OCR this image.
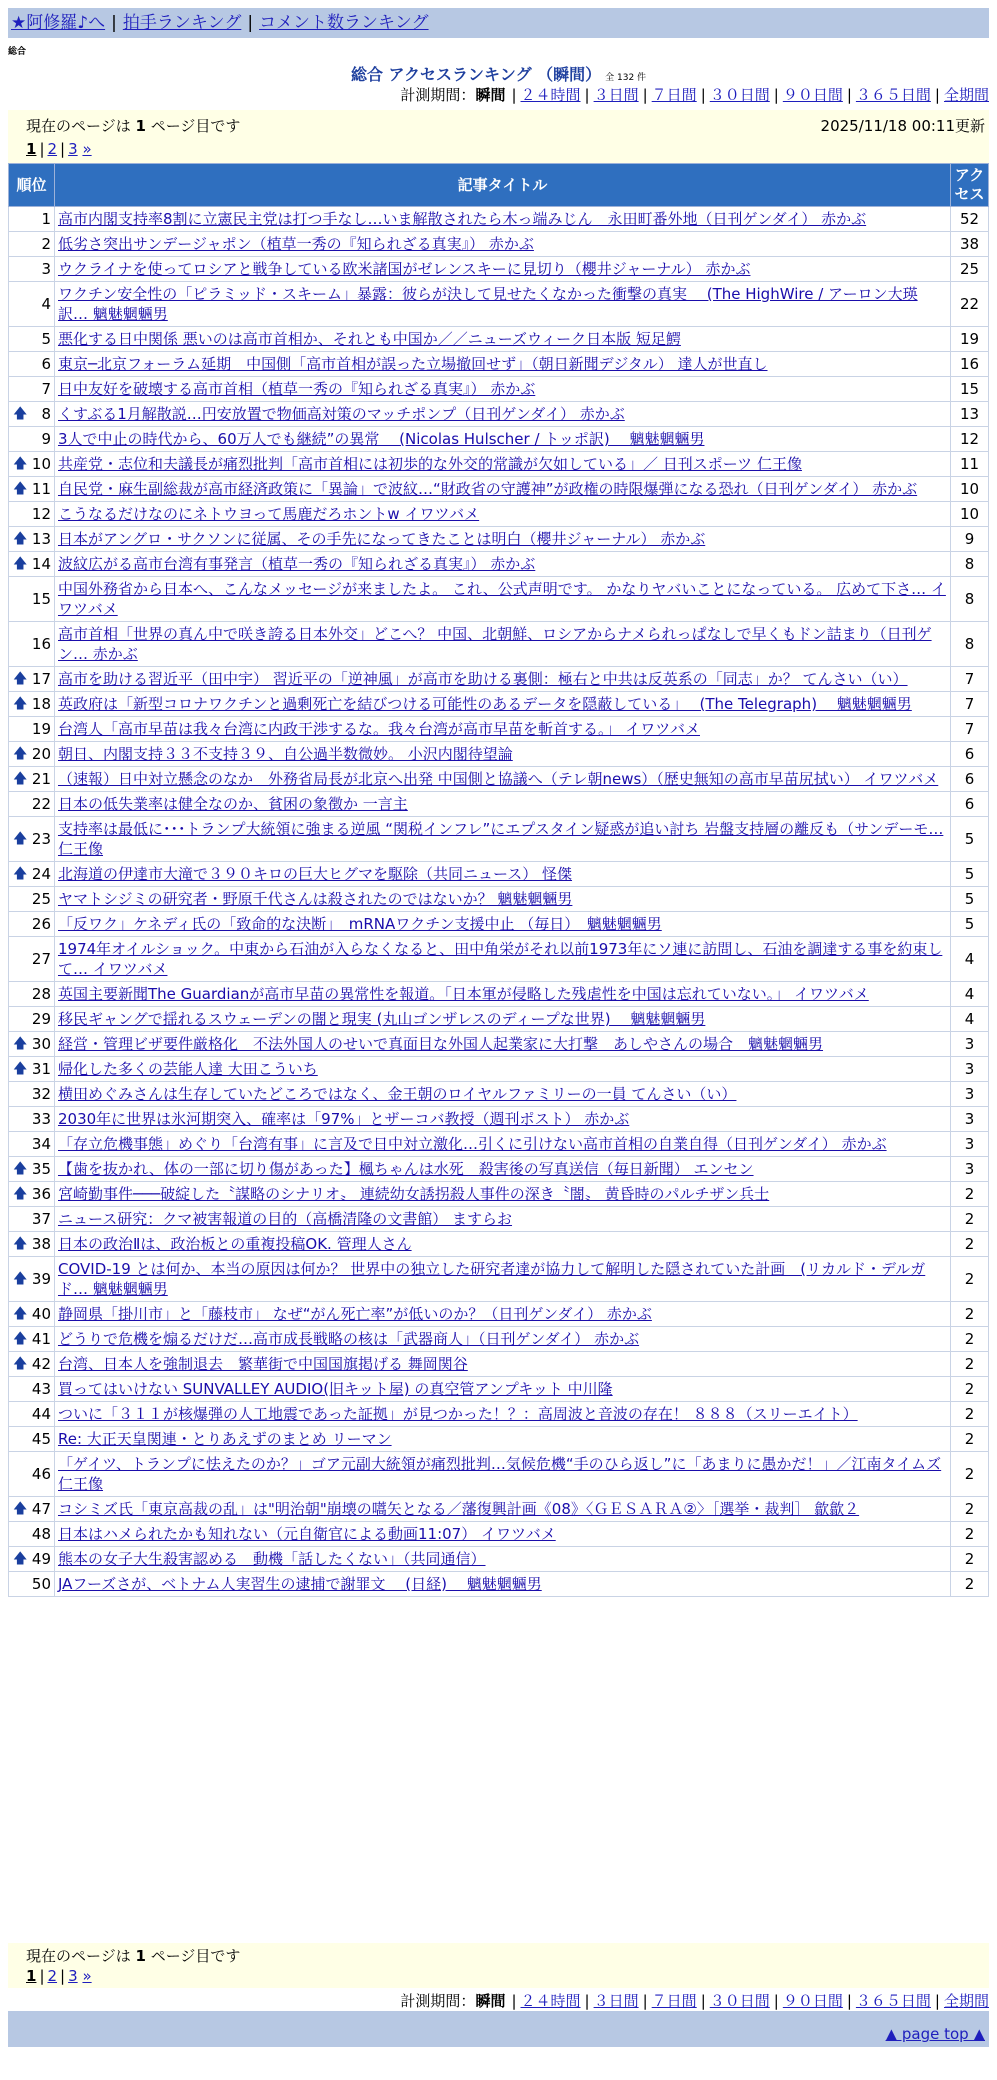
★阿修羅♪へ | 拍手ランキング | コメント数ランキング
総合
総合 アクセスランキング （瞬間） 全 132 件
計測期間：瞬間 | ２４時間 | ３日間 | ７日間 | ３０日間 | ９０日間 | ３６５日間 | 全期間
現在のページは 1 ページ目です	2025/11/18 00:11更新
1 | 2 | 3 »
順位	記事タイトル	アクセス
1	高市内閣支持率8割に立憲民主党は打つ手なし…いま解散されたら木っ端みじん　永田町番外地（日刊ゲンダイ） 赤かぶ	52
2	低劣さ突出サンデージャポン（植草一秀の『知られざる真実』） 赤かぶ	38
3	ウクライナを使ってロシアと戦争している欧米諸国がゼレンスキーに見切り（櫻井ジャーナル） 赤かぶ	25
4	ワクチン安全性の「ピラミッド・スキーム」暴露：彼らが決して見せたくなかった衝撃の真実　 (The HighWire / アーロン大瑛訳… 魑魅魍魎男	22
5	悪化する日中関係 悪いのは高市首相か、それとも中国か／／ニューズウィーク日本版 短足鰐	19
6	東京─北京フォーラム延期　中国側「高市首相が誤った立場撤回せず」（朝日新聞デジタル） 達人が世直し	16
7	日中友好を破壊する高市首相（植草一秀の『知られざる真実』） 赤かぶ	15

🡅 8	くすぶる1月解散説…円安放置で物価高対策のマッチポンプ（日刊ゲンダイ） 赤かぶ	13
9	3人で中止の時代から、60万人でも継続”の異常　 (Nicolas Hulscher / トッポ訳)　 魑魅魍魎男	12

🡅 10	共産党・志位和夫議長が痛烈批判「高市首相には初歩的な外交的常識が欠如している」／ 日刊スポーツ 仁王像	11

🡅 11	自民党・麻生副総裁が高市経済政策に「異論」で波紋…“財政省の守護神”が政権の時限爆弾になる恐れ（日刊ゲンダイ） 赤かぶ	10
12	こうなるだけなのにネトウヨって馬鹿だろホントw イワツバメ	10

🡅 13	日本がアングロ・サクソンに従属、その手先になってきたことは明白（櫻井ジャーナル） 赤かぶ	9

🡅 14	波紋広がる高市台湾有事発言（植草一秀の『知られざる真実』） 赤かぶ	8
15	中国外務省から日本へ、こんなメッセージが来ましたよ。 これ、公式声明です。 かなりヤバいことになっている。 広めて下さ… イワツバメ	8
16	高市首相「世界の真ん中で咲き誇る日本外交」どこへ？ 中国、北朝鮮、ロシアからナメられっぱなしで早くもドン詰まり（日刊ゲン… 赤かぶ	8

🡅 17	高市を助ける習近平（田中宇） 習近平の「逆神風」が高市を助ける裏側：極右と中共は反英系の「同志」か？ てんさい（い）	7

🡅 18	英政府は「新型コロナワクチンと過剰死亡を結びつける可能性のあるデータを隠蔽している」　 (The Telegraph)　 魑魅魍魎男	7
19	台湾人「高市早苗は我々台湾に内政干渉するな。我々台湾が高市早苗を斬首する。」 イワツバメ	7

🡅 20	朝日、内閣支持３３不支持３９、自公過半数微妙。 小沢内閣待望論	6

🡅 21	（速報）日中対立懸念のなか　外務省局長が北京へ出発 中国側と協議へ（テレ朝news）（歴史無知の高市早苗尻拭い） イワツバメ	6
22	日本の低失業率は健全なのか、貧困の象徴か 一言主	6

🡅 23	支持率は最低に･･･トランプ大統領に強まる逆風 “関税インフレ”にエプスタイン疑惑が追い討ち 岩盤支持層の離反も（サンデーモ… 仁王像	5

🡅 24	北海道の伊達市大滝で３９０キロの巨大ヒグマを駆除（共同ニュース） 怪傑	5
25	ヤマトシジミの研究者・野原千代さんは殺されたのではないか？ 魑魅魍魎男	5
26	「反ワク」ケネディ氏の「致命的な決断」　mRNAワクチン支援中止 （毎日）　魑魅魍魎男	5
27	1974年オイルショック。中東から石油が入らなくなると、田中角栄がそれ以前1973年にソ連に訪問し、石油を調達する事を約束して… イワツバメ	4
28	英国主要新聞The Guardianが高市早苗の異常性を報道。「日本軍が侵略した残虐性を中国は忘れていない。」 イワツバメ	4
29	移民ギャングで揺れるスウェーデンの闇と現実 (丸山ゴンザレスのディープな世界)　 魑魅魍魎男	4

🡅 30	経営・管理ビザ要件厳格化　不法外国人のせいで真面目な外国人起業家に大打撃　あしやさんの場合　魑魅魍魎男	3

🡅 31	帰化した多くの芸能人達 大田こういち	3
32	横田めぐみさんは生存していたどころではなく、金王朝のロイヤルファミリーの一員 てんさい（い）	3
33	2030年に世界は氷河期突入、確率は「97%」とザーコバ教授（週刊ポスト） 赤かぶ	3
34	「存立危機事態」めぐり「台湾有事」に言及で日中対立激化…引くに引けない高市首相の自業自得（日刊ゲンダイ） 赤かぶ	3

🡅 35	【歯を抜かれ、体の一部に切り傷があった】楓ちゃんは水死　殺害後の写真送信（毎日新聞） エンセン	3

🡅 36	宮崎勤事件───破綻した〝謀略のシナリオ〟 連続幼女誘拐殺人事件の深き〝闇〟 黄昏時のパルチザン兵士	2
37	ニュース研究：クマ被害報道の目的（高橋清隆の文書館） ますらお	2

🡅 38	日本の政治Ⅱは、政治板との重複投稿OK. 管理人さん	2

🡅 39	COVID-19 とは何か、本当の原因は何か？ 世界中の独立した研究者達が協力して解明した隠されていた計画　(リカルド・デルガド… 魑魅魍魎男	2

🡅 40	静岡県「掛川市」と「藤枝市」 なぜ“がん死亡率”が低いのか？（日刊ゲンダイ） 赤かぶ	2

🡅 41	どうりで危機を煽るだけだ…高市成長戦略の核は「武器商人」（日刊ゲンダイ） 赤かぶ	2

🡅 42	台湾、日本人を強制退去　繁華街で中国国旗掲げる 舞岡関谷	2
43	買ってはいけない SUNVALLEY AUDIO(旧キット屋) の真空管アンプキット 中川隆	2
44	ついに「３１１が核爆弾の人工地震であった証拠」が見つかった！？：高周波と音波の存在！ ８８８（スリーエイト）	2
45	Re: 大正天皇関連・とりあえずのまとめ リーマン	2
46	「ゲイツ、トランプに怯えたのか？」ゴア元副大統領が痛烈批判…気候危機“手のひら返し”に「あまりに愚かだ！」／江南タイムズ 仁王像	2

🡅 47	コシミズ氏「東京高裁の乱」は"明治朝"崩壊の嚆矢となる／藩復興計画《08》〈ＧＥＳＡＲＡ②〉［選挙・裁判］ 歙歙２	2
48	日本はハメられたかも知れない（元自衛官による動画11:07） イワツバメ	2

🡅 49	熊本の女子大生殺害認める　動機「話したくない」（共同通信）	2
50	JAフーズさが、ベトナム人実習生の逮捕で謝罪文　 (日経)　 魑魅魍魎男	2
現在のページは 1 ページ目です
1 | 2 | 3 »
計測期間：瞬間 | ２４時間 | ３日間 | ７日間 | ３０日間 | ９０日間 | ３６５日間 | 全期間
▲ page top ▲
